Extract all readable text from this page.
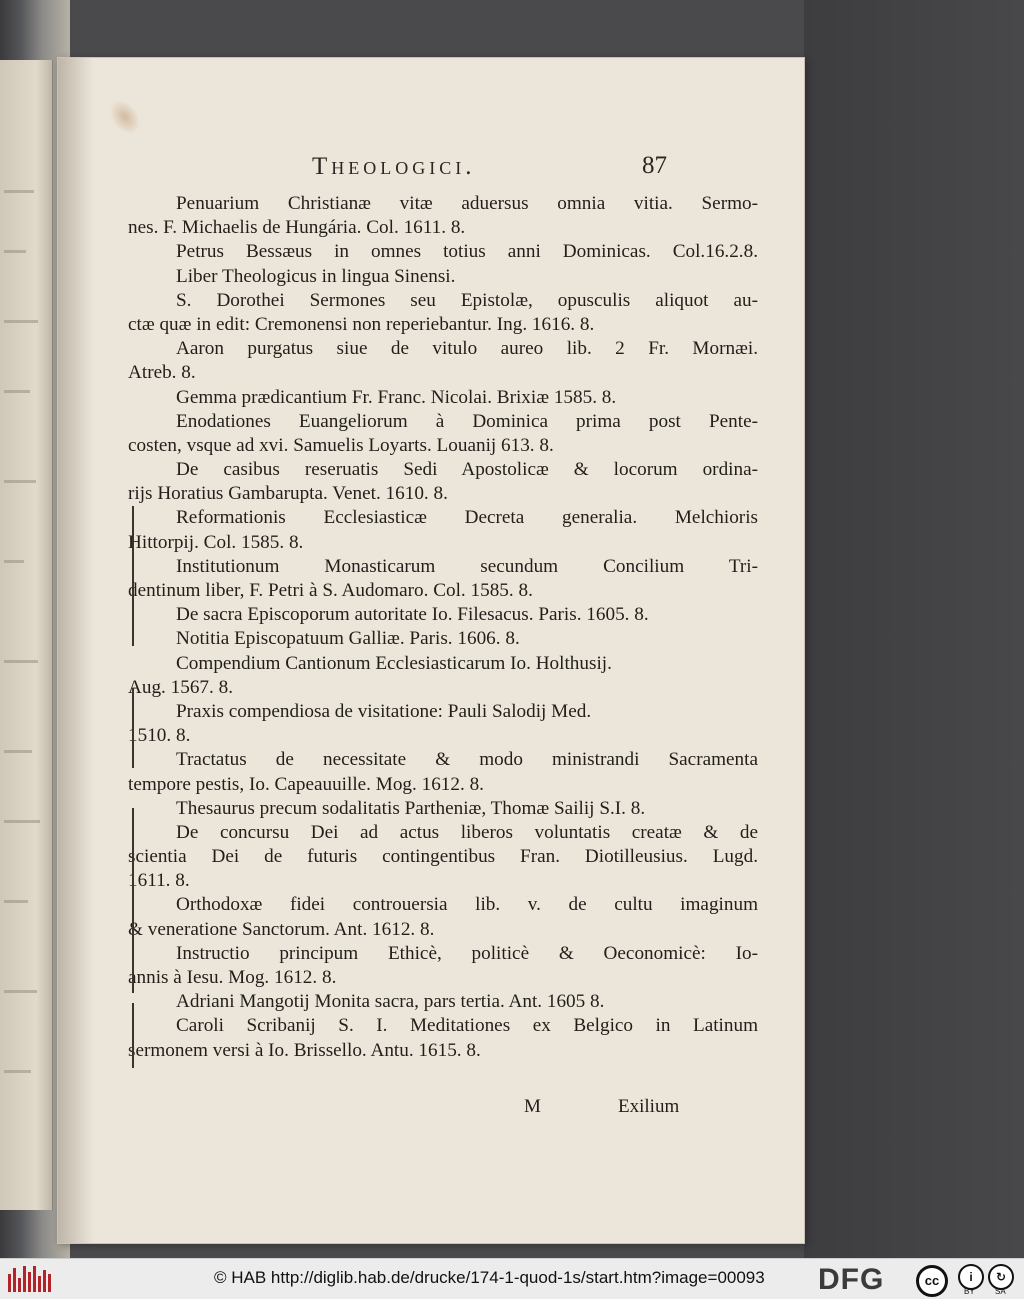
Theologici.	87
Penuarium Christianæ vitæ aduersus omnia vitia. Sermo-
nes. F. Michaelis de Hungária. Col. 1611. 8.
Petrus Bessæus in omnes totius anni Dominicas. Col.16.2.8.
Liber Theologicus in lingua Sinensi.
S. Dorothei Sermones seu Epistolæ, opusculis aliquot au-
ctæ quæ in edit: Cremonensi non reperiebantur. Ing. 1616. 8.
Aaron purgatus siue de vitulo aureo lib. 2 Fr. Mornæi.
Atreb. 8.
Gemma prædicantium Fr. Franc. Nicolai. Brixiæ 1585. 8.
Enodationes Euangeliorum à Dominica prima post Pente-
costen, vsque ad xvi. Samuelis Loyarts. Louanij 613. 8.
De casibus reseruatis Sedi Apostolicæ & locorum ordina-
rijs Horatius Gambarupta. Venet. 1610. 8.
Reformationis Ecclesiasticæ Decreta generalia. Melchioris
Hittorpij. Col. 1585. 8.
Institutionum Monasticarum secundum Concilium Tri-
dentinum liber, F. Petri à S. Audomaro. Col. 1585. 8.
De sacra Episcoporum autoritate Io. Filesacus. Paris. 1605. 8.
Notitia Episcopatuum Galliæ. Paris. 1606. 8.
Compendium Cantionum Ecclesiasticarum Io. Holthusij.
Aug. 1567. 8.
Praxis compendiosa de visitatione: Pauli Salodij Med.
1510. 8.
Tractatus de necessitate & modo ministrandi Sacramenta
tempore pestis, Io. Capeauuille. Mog. 1612. 8.
Thesaurus precum sodalitatis Partheniæ, Thomæ Sailij S.I. 8.
De concursu Dei ad actus liberos voluntatis creatæ & de
scientia Dei de futuris contingentibus Fran. Diotilleusius. Lugd.
1611. 8.
Orthodoxæ fidei controuersia lib. v. de cultu imaginum
& veneratione Sanctorum. Ant. 1612. 8.
Instructio principum Ethicè, politicè & Oeconomicè: Io-
annis à Iesu. Mog. 1612. 8.
Adriani Mangotij Monita sacra, pars tertia. Ant. 1605 8.
Caroli Scribanij S. I. Meditationes ex Belgico in Latinum
sermonem versi à Io. Brissello. Antu. 1615. 8.
M	Exilium
© HAB http://diglib.hab.de/drucke/174-1-quod-1s/start.htm?image=00093 DFG	cc	i
BY
↻
SA
